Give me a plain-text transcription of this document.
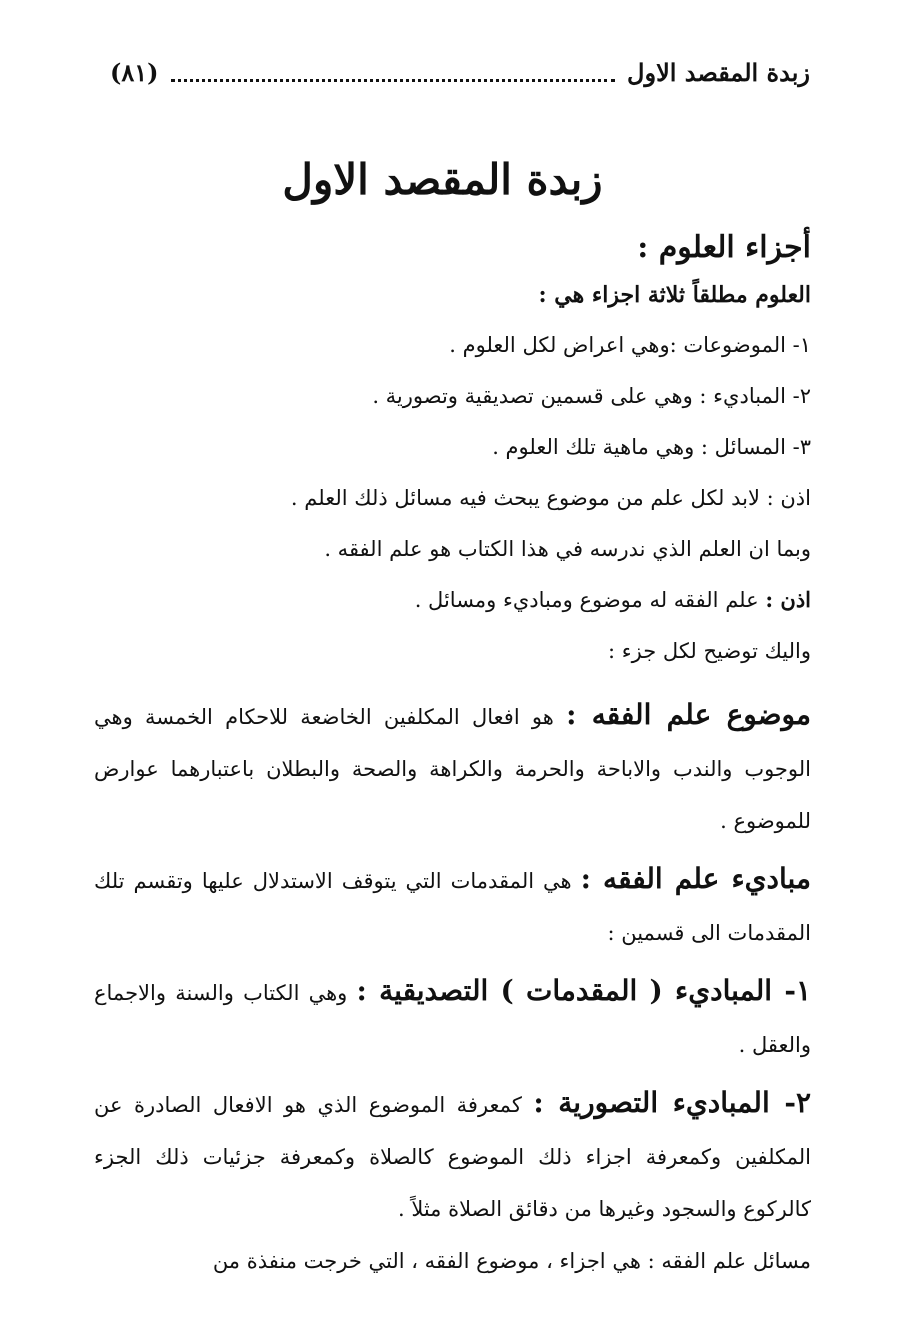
زبدة المقصد الاول
(٨١)
زبدة المقصد الاول
أجزاء العلوم :
العلوم مطلقاً ثلاثة اجزاء هي :
١- الموضوعات :وهي اعراض لكل العلوم .
٢- المباديء : وهي على قسمين تصديقية وتصورية .
٣- المسائل : وهي ماهية تلك العلوم .
اذن : لابد لكل علم من موضوع يبحث فيه مسائل ذلك العلم .
وبما ان العلم الذي ندرسه في هذا الكتاب هو علم الفقه .
اذن : علم الفقه له موضوع ومباديء ومسائل .
واليك توضيح لكل جزء :
موضوع علم الفقه : هو افعال المكلفين الخاضعة للاحكام الخمسة وهي الوجوب والندب والاباحة والحرمة والكراهة والصحة والبطلان باعتبارهما عوارض للموضوع .
مباديء علم الفقه : هي المقدمات التي يتوقف الاستدلال عليها وتقسم تلك المقدمات الى قسمين :
١- المباديء ( المقدمات ) التصديقية : وهي الكتاب والسنة والاجماع والعقل .
٢- المباديء التصورية : كمعرفة الموضوع الذي هو الافعال الصادرة عن المكلفين وكمعرفة اجزاء ذلك الموضوع كالصلاة وكمعرفة جزئيات ذلك الجزء كالركوع والسجود وغيرها من دقائق الصلاة مثلاً .
مسائل علم الفقه : هي اجزاء ، موضوع الفقه ، التي خرجت منفذة من
